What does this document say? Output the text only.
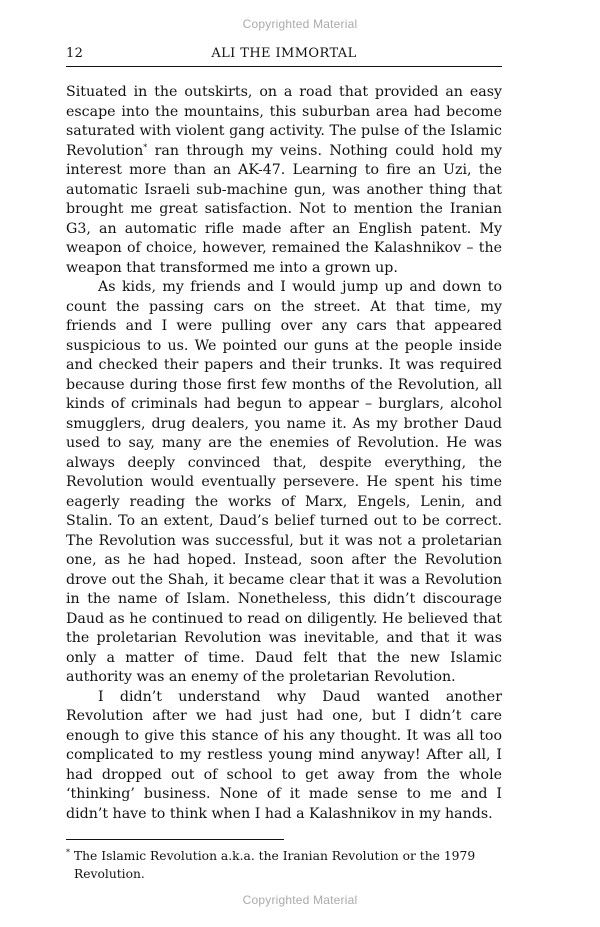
Copyrighted Material
12	ALI THE IMMORTAL

Situated in the outskirts, on a road that provided an easy escape into the mountains, this suburban area had become saturated with violent gang activity. The pulse of the Islamic Revolution* ran through my veins. Nothing could hold my interest more than an AK-47. Learning to fire an Uzi, the automatic Israeli sub-machine gun, was another thing that brought me great satisfaction. Not to mention the Iranian G3, an automatic rifle made after an English patent. My weapon of choice, however, remained the Kalashnikov – the weapon that transformed me into a grown up.

As kids, my friends and I would jump up and down to count the passing cars on the street. At that time, my friends and I were pulling over any cars that appeared suspicious to us. We pointed our guns at the people inside and checked their papers and their trunks. It was required because during those first few months of the Revolution, all kinds of criminals had begun to appear – burglars, alcohol smugglers, drug dealers, you name it. As my brother Daud used to say, many are the enemies of Revolution. He was always deeply convinced that, despite everything, the Revolution would eventually persevere. He spent his time eagerly reading the works of Marx, Engels, Lenin, and Stalin. To an extent, Daud’s belief turned out to be correct. The Revolution was successful, but it was not a proletarian one, as he had hoped. Instead, soon after the Revolution drove out the Shah, it became clear that it was a Revolution in the name of Islam. Nonetheless, this didn’t discourage Daud as he continued to read on diligently. He believed that the proletarian Revolution was inevitable, and that it was only a matter of time. Daud felt that the new Islamic authority was an enemy of the proletarian Revolution.

I didn’t understand why Daud wanted another Revolution after we had just had one, but I didn’t care enough to give this stance of his any thought. It was all too complicated to my restless young mind anyway! After all, I had dropped out of school to get away from the whole ‘thinking’ business. None of it made sense to me and I didn’t have to think when I had a Kalashnikov in my hands.

* The Islamic Revolution a.k.a. the Iranian Revolution or the 1979
Revolution.
Copyrighted Material
